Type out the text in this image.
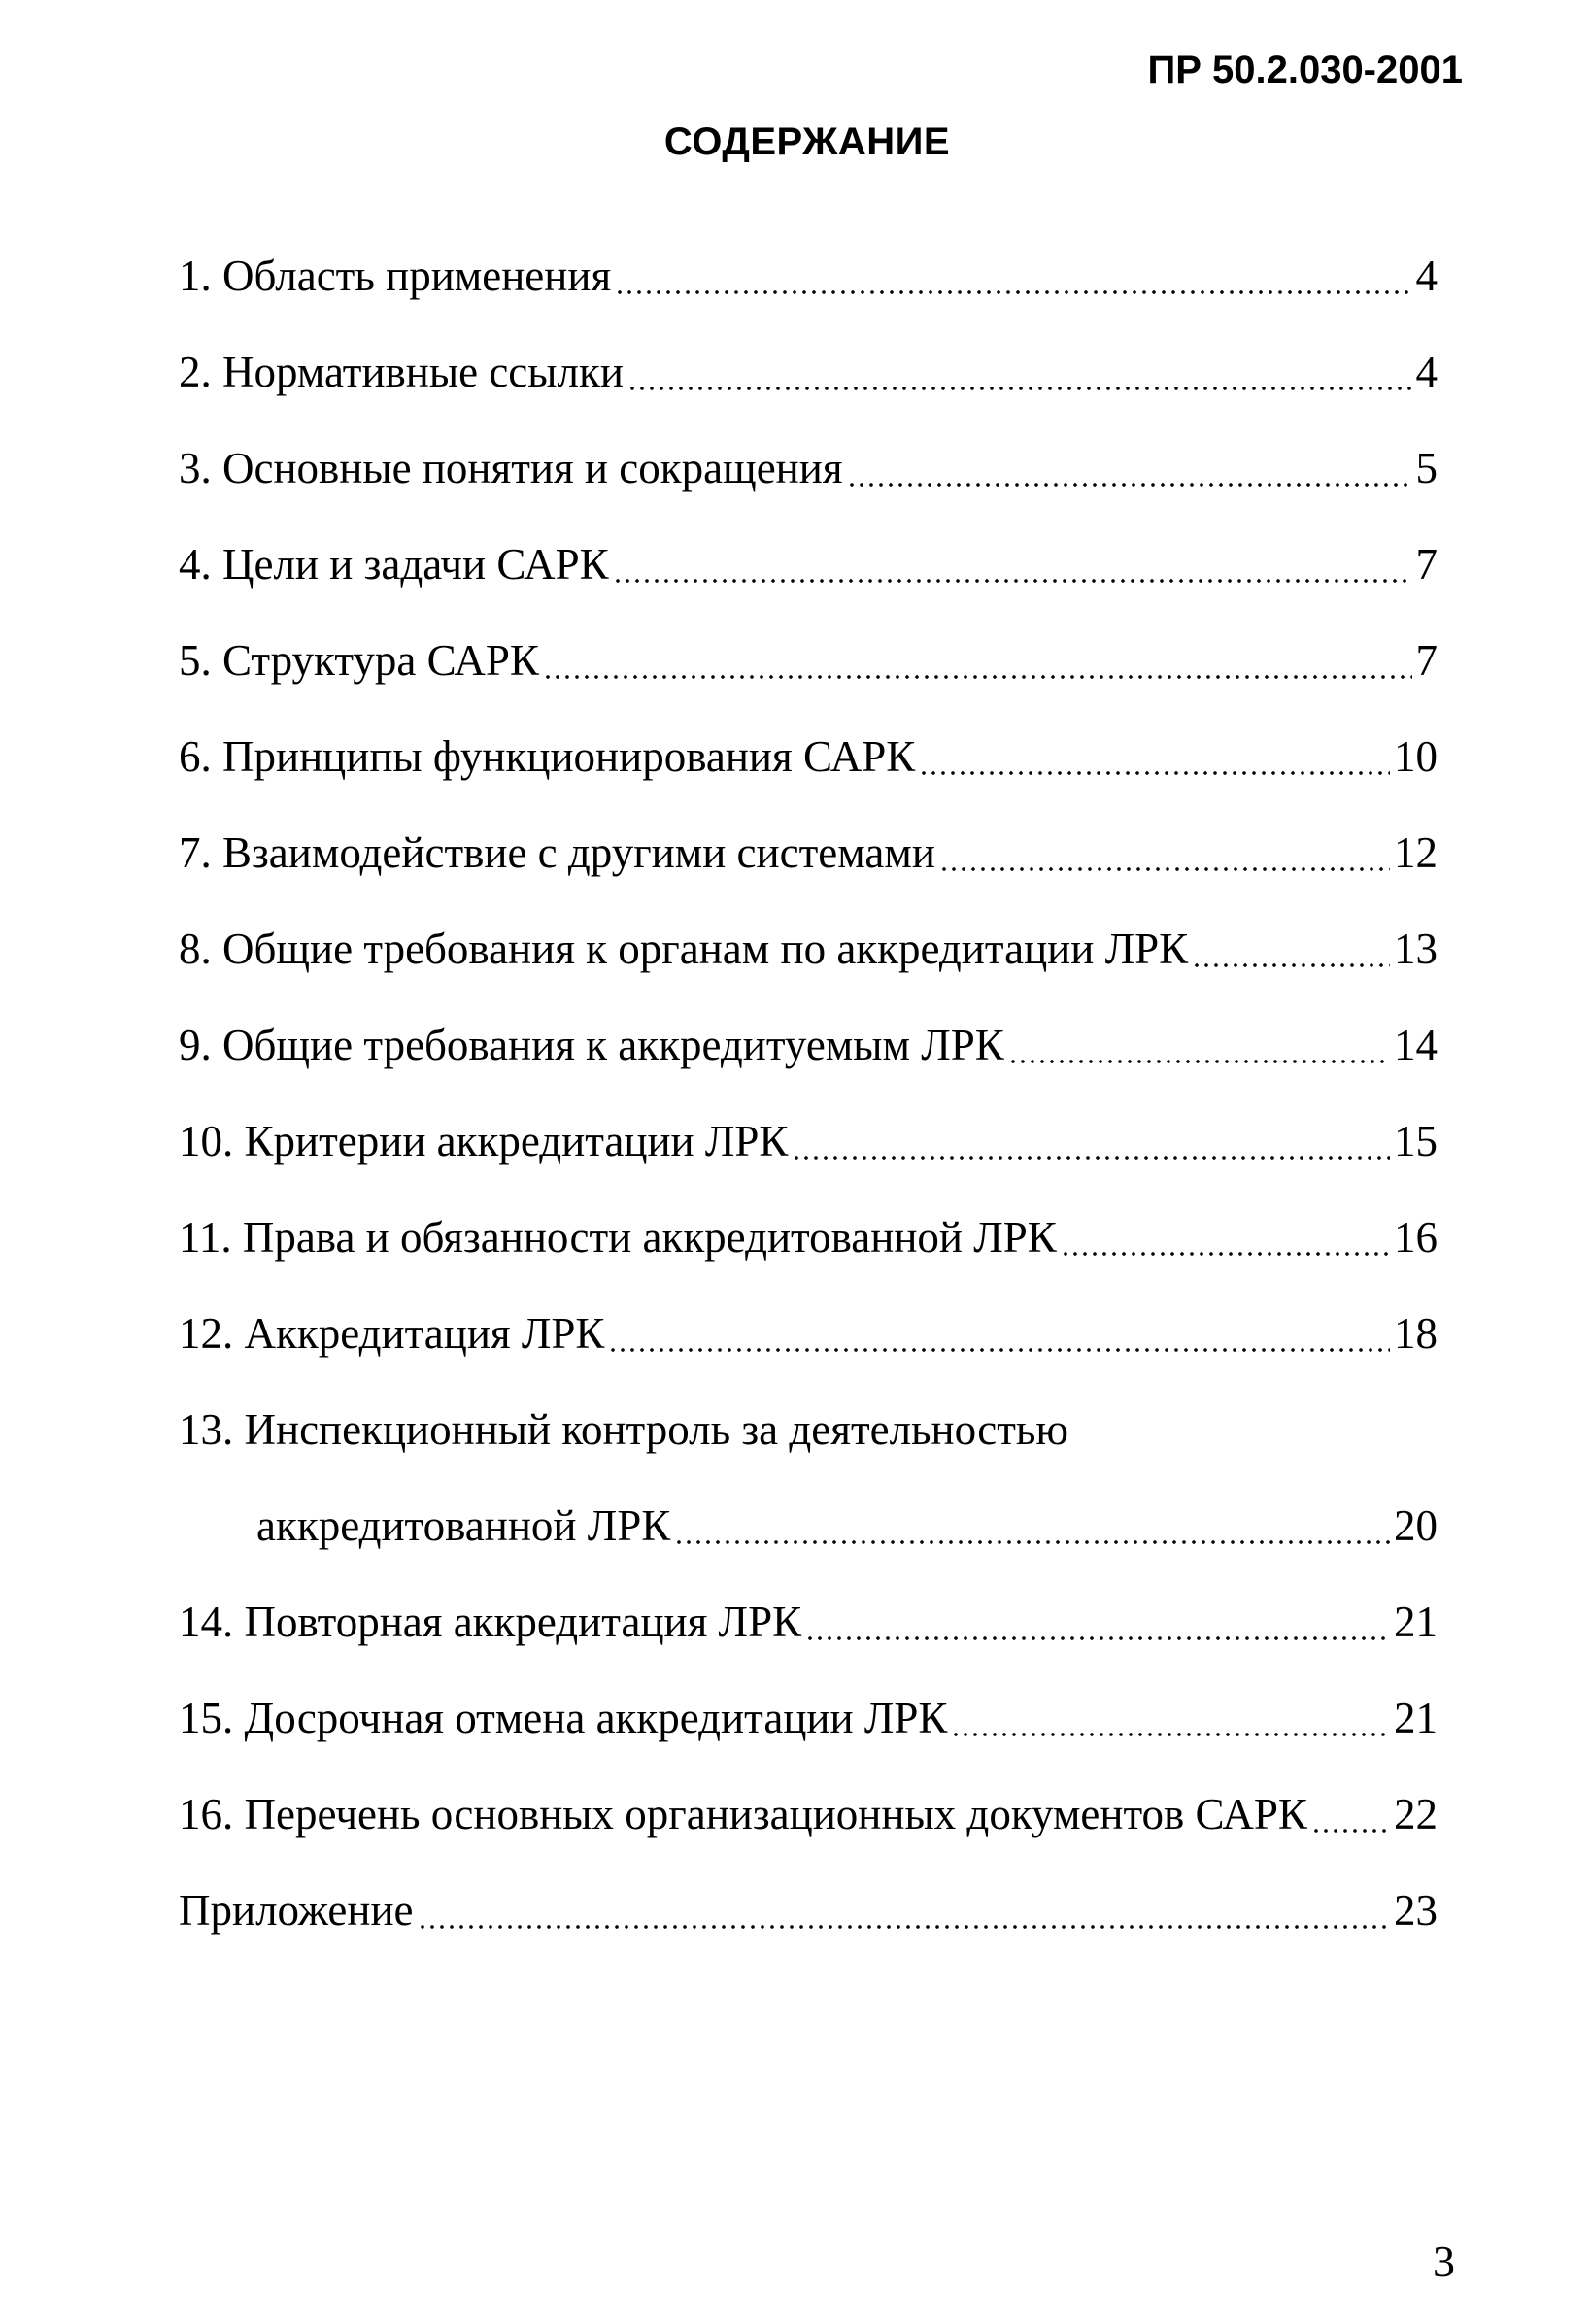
ПР 50.2.030-2001
СОДЕРЖАНИЕ
1. Область применения	4
2. Нормативные ссылки	4
3. Основные понятия и сокращения	5
4. Цели и задачи САРК	7
5. Структура САРК	7
6. Принципы функционирования САРК	10
7. Взаимодействие с другими системами	12
8. Общие требования к органам по аккредитации ЛРК	13
9. Общие требования к аккредитуемым ЛРК	14
10. Критерии аккредитации ЛРК	15
11. Права и обязанности аккредитованной ЛРК	16
12. Аккредитация ЛРК	18
13. Инспекционный контроль за деятельностью
аккредитованной ЛРК	20
14. Повторная аккредитация ЛРК	21
15. Досрочная отмена аккредитации ЛРК	21
16. Перечень основных организационных документов САРК 22
Приложение	23
3
